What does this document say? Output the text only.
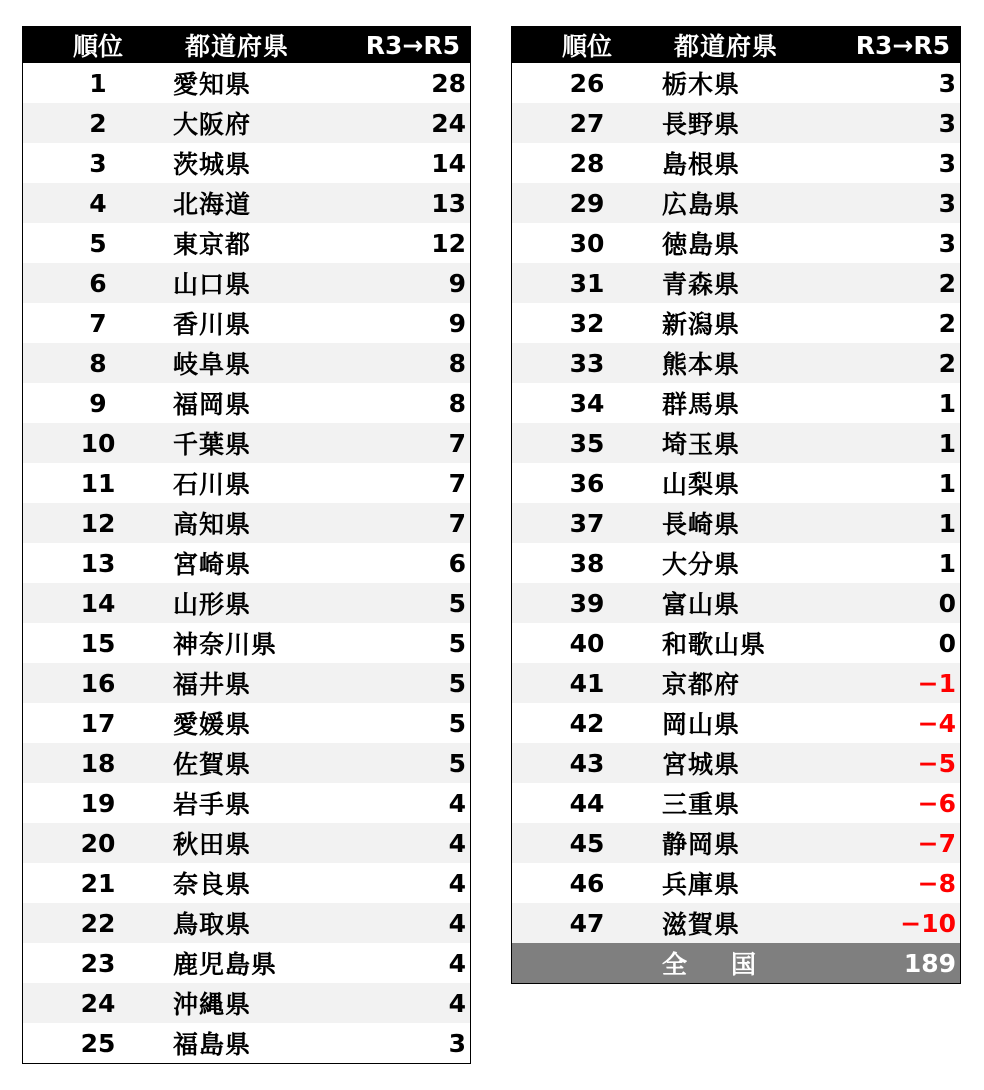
順位	都道府県	R3→R5
1	愛知県	28
2	大阪府	24
3	茨城県	14
4	北海道	13
5	東京都	12
6	山口県	9
7	香川県	9
8	岐阜県	8
9	福岡県	8
10	千葉県	7
11	石川県	7
12	高知県	7
13	宮崎県	6
14	山形県	5
15	神奈川県	5
16	福井県	5
17	愛媛県	5
18	佐賀県	5
19	岩手県	4
20	秋田県	4
21	奈良県	4
22	鳥取県	4
23	鹿児島県	4
24	沖縄県	4
25	福島県	3
順位	都道府県	R3→R5
26	栃木県	3
27	長野県	3
28	島根県	3
29	広島県	3
30	徳島県	3
31	青森県	2
32	新潟県	2
33	熊本県	2
34	群馬県	1
35	埼玉県	1
36	山梨県	1
37	長崎県	1
38	大分県	1
39	富山県	0
40	和歌山県	0
41	京都府	−1
42	岡山県	−4
43	宮城県	−5
44	三重県	−6
45	静岡県	−7
46	兵庫県	−8
47	滋賀県	−10
	全国	189
